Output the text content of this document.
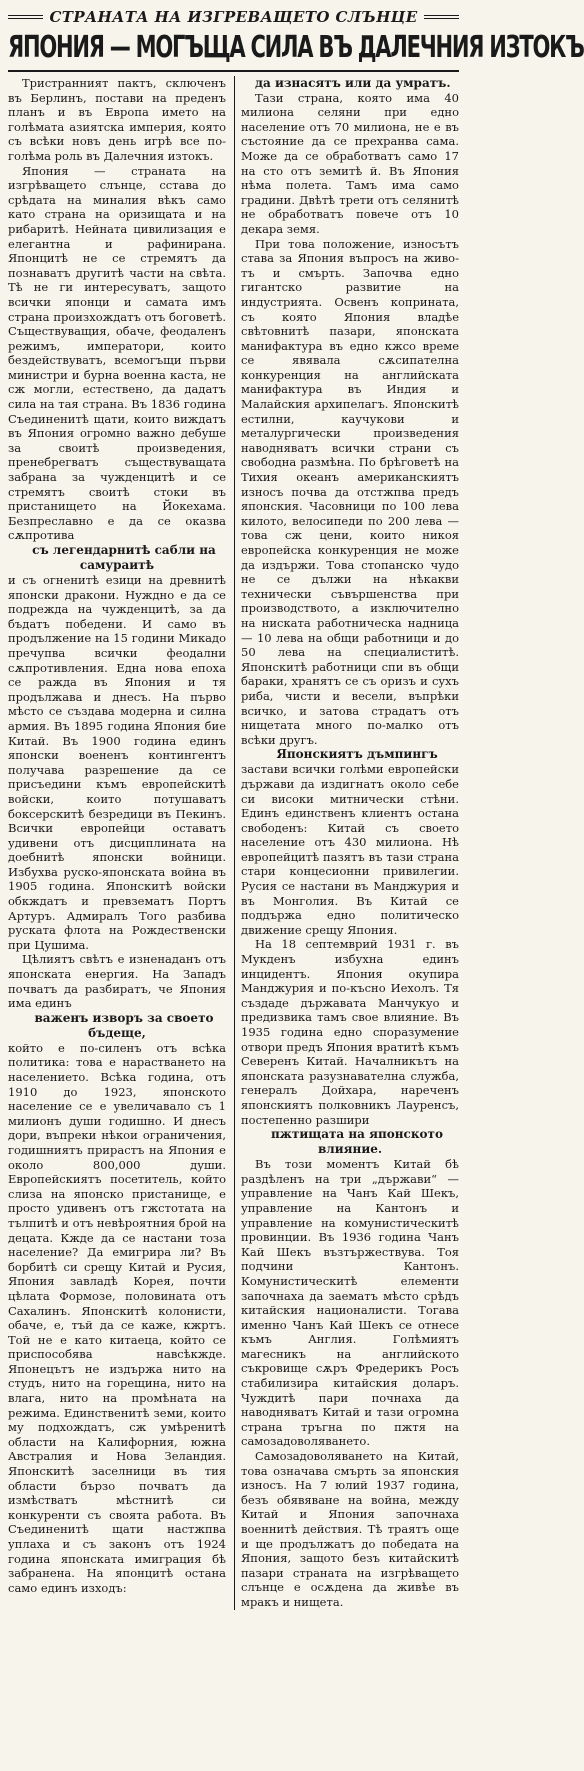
СТРАНАТА НА ИЗГРЕВАЩЕТО СЛЪНЦЕ
ЯПОНИЯ — МОГЪЩА СИЛА ВЪ ДАЛЕЧНИЯ ИЗТОКЪ

Тристранният пактъ, сключенъ въ Берлинъ, постави на преденъ планъ и въ Европа името на голѣмата азиятска империя, която съ всѣки новъ день игрѣ все по-голѣма роль въ Далечния изтокъ.

Япония — страната на изгрѣващето слънце, сстава до срѣдата на миналия вѣкъ само като страна на оризищата и на рибаритѣ. Нейната цивилизация е елегантна и рафинирана. Японцитѣ не се стремятъ да познаватъ другитѣ части на свѣта. Тѣ не ги интересуватъ, защото всички японци и самата имъ страна произхождатъ отъ боговетѣ. Съществуващия, обаче, феодаленъ режимъ, императори, които бездействуватъ, всемогъщи първи министри и бурна военна каста, не сж могли, естествено, да дадатъ сила на тая страна. Въ 1836 година Съединенитѣ щати, които виждатъ въ Япония огромно важно дебуше за своитѣ произведения, пренебрегватъ съществуващата забрана за чужденцитѣ и се стремятъ своитѣ стоки въ пристанището на Йокехама. Безпреславно е да се оказва сѫпротива

съ легендарнитѣ сабли на самураитѣ

и съ огненитѣ езици на древнитѣ японски дракони. Нуждно е да се подрежда на чужденцитѣ, за да бъдатъ победени. И само въ продължение на 15 години Микадо пречупва всички феодални сѫпротивления. Една нова епоха се ражда въ Япония и тя продължава и днесъ. На първо мѣсто се създава модерна и силна армия. Въ 1895 година Япония бие Китай. Въ 1900 година единъ японски воененъ контингентъ получава разрешение да се присъедини къмъ европейскитѣ войски, които потушаватъ боксерскитѣ безредици въ Пекинъ. Всички европейци оставатъ удивени отъ дисциплината на доебнитѣ японски войници. Избухва руско-японската война въ 1905 година. Японскитѣ войски обкждатъ и превзематъ Портъ Артуръ. Адмиралъ Того разбива руската флота на Рождественски при Цушима.

Цѣлиятъ свѣтъ е изненаданъ отъ японската енергия. На Западъ почватъ да разбиратъ, че Япония има единъ

важенъ изворъ за своето бъдеще,

който е по-силенъ отъ всѣка политика: това е нарастването на населението. Всѣка година, отъ 1910 до 1923, японското население се е увеличавало съ 1 милионъ души годишно. И днесъ дори, въпреки нѣкои ограничения, годишниятъ прирастъ на Япония е около 800,000 души. Европейскиятъ посетитель, който слиза на японско пристанище, е просто удивенъ отъ гжстотата на тълпитѣ и отъ невѣроятния брой на децата. Кжде да се настани тоза население? Да емигрира ли? Въ борбитѣ си срещу Китай и Русия, Япония завладѣ Корея, почти цѣлата Формозе, половината отъ Сахалинъ. Японскитѣ колонисти, обаче, е, тъй да се каже, кжртъ. Той не е като китаеца, който се приспособява навсѣкжде. Японецътъ не издържа нито на студъ, нито на горещина, нито на влага, нито на промѣната на режима. Единственитѣ земи, които му подхождатъ, сж умѣренитѣ области на Калифорния, южна Австралия и Нова Зеландия. Японскитѣ заселници въ тия области бързо почватъ да измѣстватъ мѣстнитѣ си конкуренти съ своята работа. Въ Съединенитѣ щати настжпва уплаха и съ законъ отъ 1924 година японската имиграция бѣ забранена. На японцитѣ остана само единъ изходъ:

да изнасятъ или да умратъ.

Тази страна, която има 40 милиона селяни при едно население отъ 70 милиона, не е въ състояние да се прехранва сама. Може да се обработватъ само 17 на сто отъ земитѣ й. Въ Япония нѣма полета. Тамъ има само градини. Двѣтѣ трети отъ селянитѣ не обработватъ повече отъ 10 декара земя.

При това положение, износътъ става за Япония въпросъ на животъ и смърть. Започва едно гигантско развитие на индустрията. Освенъ коприната, съ която Япония владѣе свѣтовнитѣ пазари, японската манифактура въ едно кжсо време се явявала сѫсипателна конкуренция на английската манифактура въ Индия и Малайския архипелагъ. Японскитѣ естилни, каучукови и металургически произведения наводняватъ всички страни съ свободна размѣна. По брѣговетѣ на Тихия океанъ американскиятъ износъ почва да отстжпва предъ японския. Часовници по 100 лева килото, велосипеди по 200 лева — това сж цени, които никоя европейска конкуренция не може да издържи. Това стопанско чудо не се дължи на нѣкакви технически съвършенства при производството, а изключително на ниската работническа надница — 10 лева на общи работници и до 50 лева на специалиститѣ. Японскитѣ работници спи въ общи бараки, хранятъ се съ оризъ и сухъ риба, чисти и весели, въпрѣки всичко, и затова страдатъ отъ нищетата много по-малко отъ всѣки другъ.

Японскиятъ дъмпингъ

застави всички голѣми европейски държави да издигнатъ около себе си високи митнически стѣни. Единъ единственъ клиентъ остана свободенъ: Китай съ своето население отъ 430 милиона. Нѣ европейцитѣ пазятъ въ тази страна стари концесионни привилегии. Русия се настани въ Манджурия и въ Монголия. Въ Китай се поддържа едно политическо движение срещу Япония.

На 18 септемврий 1931 г. въ Мукденъ избухна единъ инцидентъ. Япония окупира Манджурия и по-късно Иехолъ. Тя създаде държавата Манчукуо и предизвика тамъ свое влияние. Въ 1935 година едно споразумение отвори предъ Япония вратитѣ къмъ Северенъ Китай. Началникътъ на японската разузнавателна служба, генералъ Дойхара, нареченъ японскиятъ полковникъ Лауренсъ, постепенно разшири

пжтищата на японското влияние.

Въ този моментъ Китай бѣ раздѣленъ на три „държави“ — управление на Чанъ Кай Шекъ, управление на Кантонъ и управление на комунистическитѣ провинции. Въ 1936 година Чанъ Кай Шекъ възтържествува. Тоя подчини Кантонъ. Комунистическитѣ елементи започнаха да заематъ мѣсто срѣдъ китайския националисти. Тогава именно Чанъ Кай Шекъ се отнесе къмъ Англия. Голѣмиятъ магесникъ на английското съкровище сѫръ Фредерикъ Росъ стабилизира китайския доларъ. Чуждитѣ пари почнаха да наводняватъ Китай и тази огромна страна тръгна по пжтя на самозадоволяването.

Самозадоволяването на Китай, това означава смърть за японския износъ. На 7 юлий 1937 година, безъ обявяване на война, между Китай и Япония започнаха военнитѣ действия. Тѣ траятъ още и ще продължатъ до победата на Япония, защото безъ китайскитѣ пазари страната на изгрѣващето слънце е осѫдена да живѣе въ мракъ и нищета.
